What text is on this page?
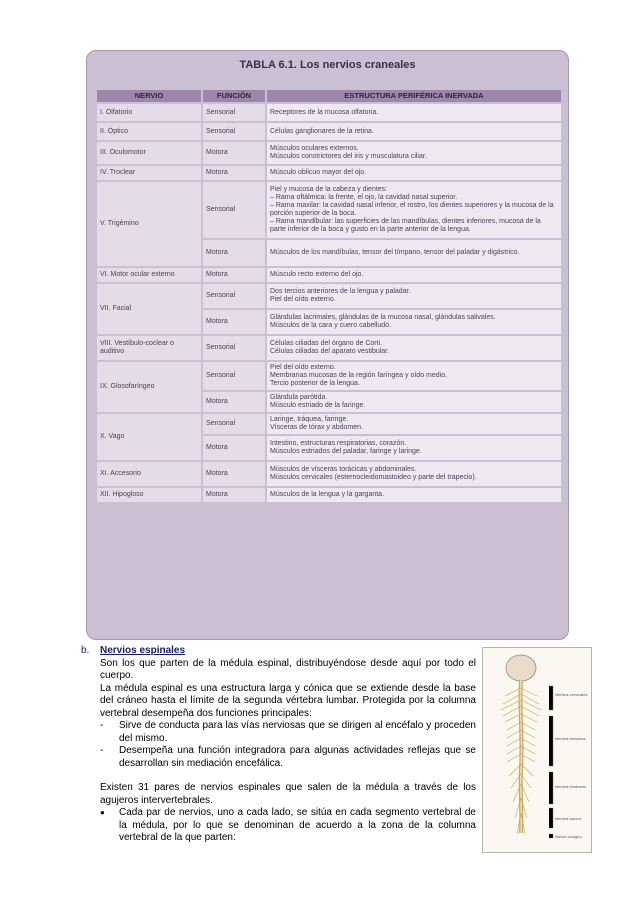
TABLA 6.1. Los nervios craneales
NERVIO	FUNCIÓN	ESTRUCTURA PERIFÉRICA INERVADA
I. Olfatorio	Sensorial	Receptores de la mucosa olfatoria.
II. Óptico	Sensorial	Células ganglionares de la retina.
III. Oculomotor	Motora	Músculos oculares externos.
Músculos constrictores del iris y musculatura ciliar.
IV. Troclear	Motora	Músculo oblicuo mayor del ojo.
V. Trigémino	Sensorial	Piel y mucosa de la cabeza y dientes:
– Rama oftálmica: la frente, el ojo, la cavidad nasal superior.
– Rama maxilar: la cavidad nasal inferior, el rostro, los dientes superiores y la mucosa de la porción superior de la boca.
– Rama mandibular: las superficies de las mandíbulas, dientes inferiores, mucosa de la parte inferior de la boca y gusto en la parte anterior de la lengua.
	Motora	Músculos de los mandíbulas, tensor del tímpano, tensor del paladar y digástrico.
VI. Motor ocular externo	Motora	Músculo recto externo del ojo.
VII. Facial	Sensorial	Dos tercios anteriores de la lengua y paladar.
Piel del oído externo.
	Motora	Glándulas lacrimales, glándulas de la mucosa nasal, glándulas salivales.
Músculos de la cara y cuero cabelludo.
VIII. Vestíbulo-coclear o auditivo	Sensorial	Células ciliadas del órgano de Corti.
Células ciliadas del aparato vestibular.
IX. Glosofaríngeo	Sensorial	Piel del oído externo.
Membranas mucosas de la región faríngea y oído medio.
Tercio posterior de la lengua.
	Motora	Glándula parótida.
Músculo estriado de la faringe.
X. Vago	Sensorial	Laringe, tráquea, faringe.
Vísceras de tórax y abdomen.
	Motora	Intestino, estructuras respiratorias, corazón.
Músculos estriados del paladar, faringe y laringe.
XI. Accesorio	Motora	Músculos de vísceras torácicas y abdominales.
Músculos cervicales (esternocleidomastoideo y parte del trapecio).
XII. Hipogloso	Motora	Músculos de la lengua y la garganta.

b. Nervios espinales

Son los que parten de la médula espinal, distribuyéndose desde aquí por todo el cuerpo.

La médula espinal es una estructura larga y cónica que se extiende desde la base del cráneo hasta el límite de la segunda vértebra lumbar. Protegida por la columna vertebral desempeña dos funciones principales:

- Sirve de conducta para las vías nerviosas que se dirigen al encéfalo y proceden del mismo.

- Desempeña una función integradora para algunas actividades reflejas que se desarrollan sin mediación encefálica.

Existen 31 pares de nervios espinales que salen de la médula a través de los agujeros intervertebrales.

● Cada par de nervios, uno a cada lado, se sitúa en cada segmento vertebral de la médula, por lo que se denominan de acuerdo a la zona de la columna vertebral de la que parten:

Nervios cervicales
Nervios torácicos
Nervios lumbares
Nervios sacros
Nervio coxígeo
